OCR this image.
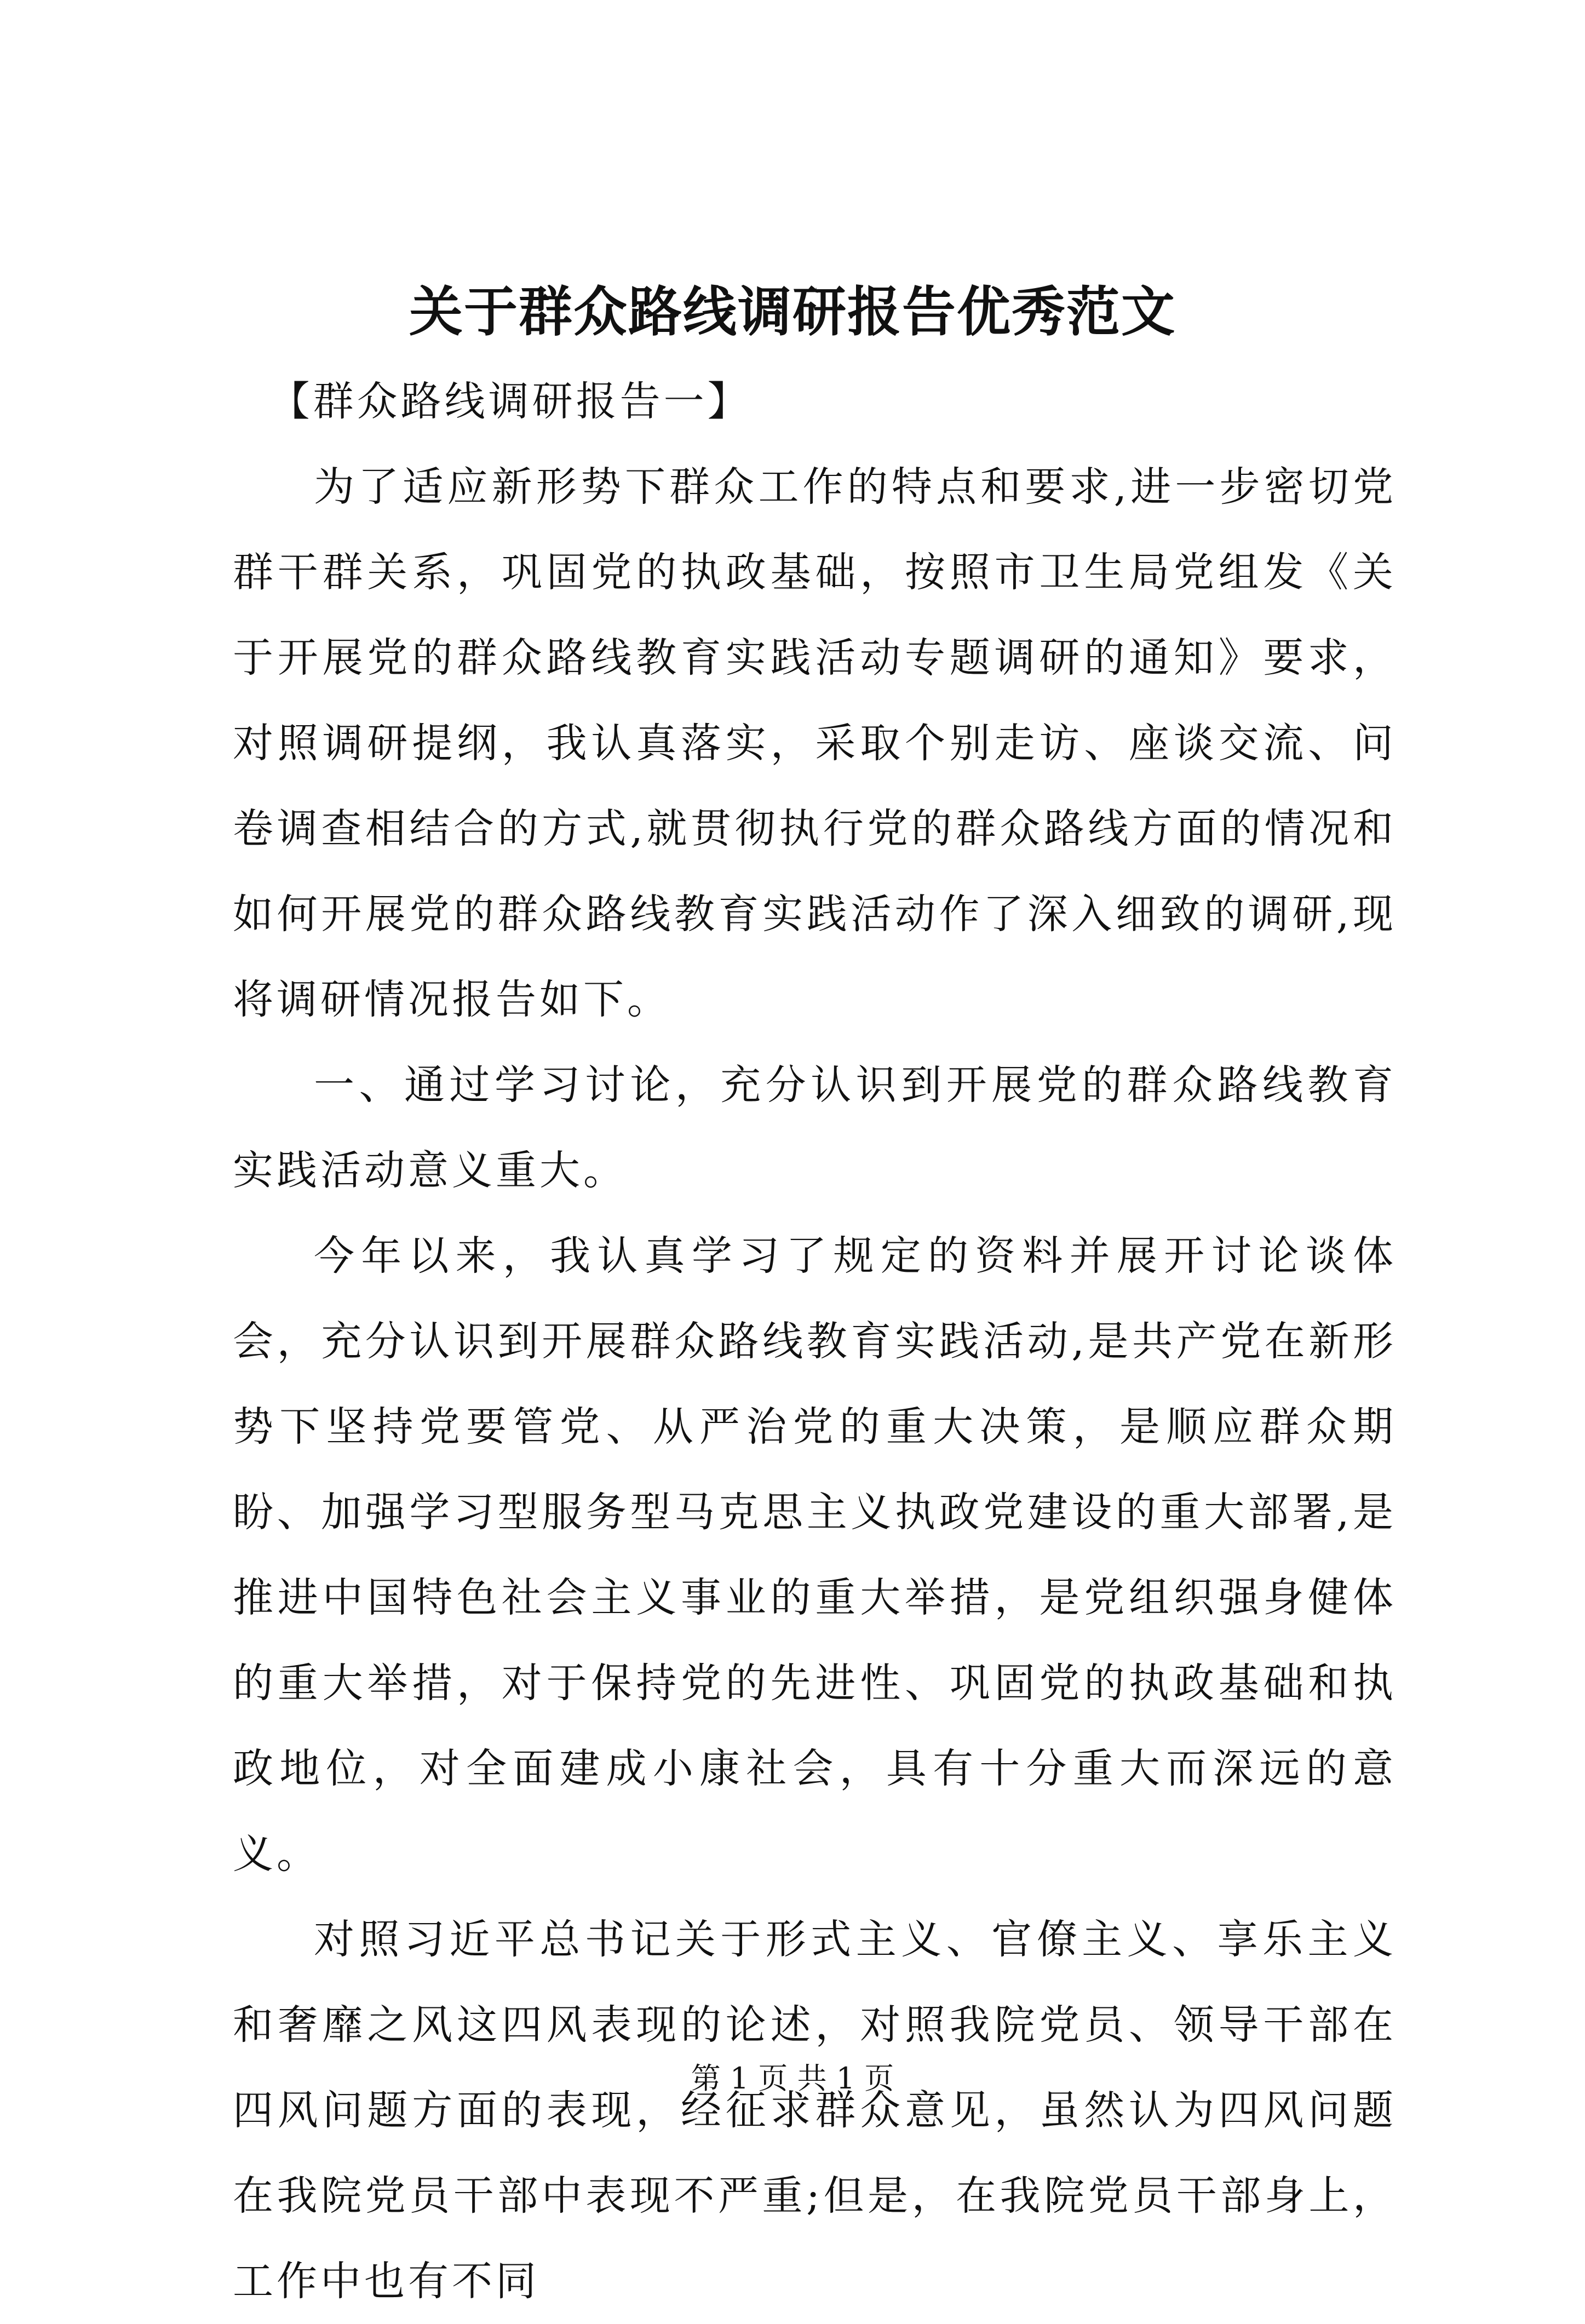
关于群众路线调研报告优秀范文

【群众路线调研报告一】

为了适应新形势下群众工作的特点和要求,进一步密切党群干群关系，巩固党的执政基础，按照市卫生局党组发《关于开展党的群众路线教育实践活动专题调研的通知》要求，对照调研提纲，我认真落实，采取个别走访、座谈交流、问卷调查相结合的方式,就贯彻执行党的群众路线方面的情况和如何开展党的群众路线教育实践活动作了深入细致的调研,现将调研情况报告如下。

一、通过学习讨论，充分认识到开展党的群众路线教育实践活动意义重大。

今年以来，我认真学习了规定的资料并展开讨论谈体会，充分认识到开展群众路线教育实践活动,是共产党在新形势下坚持党要管党、从严治党的重大决策，是顺应群众期盼、加强学习型服务型马克思主义执政党建设的重大部署,是推进中国特色社会主义事业的重大举措，是党组织强身健体的重大举措，对于保持党的先进性、巩固党的执政基础和执政地位，对全面建成小康社会，具有十分重大而深远的意义。

对照习近平总书记关于形式主义、官僚主义、享乐主义和奢靡之风这四风表现的论述，对照我院党员、领导干部在四风问题方面的表现，经征求群众意见，虽然认为四风问题在我院党员干部中表现不严重;但是，在我院党员干部身上，工作中也有不同

第 1 页 共 1 页
